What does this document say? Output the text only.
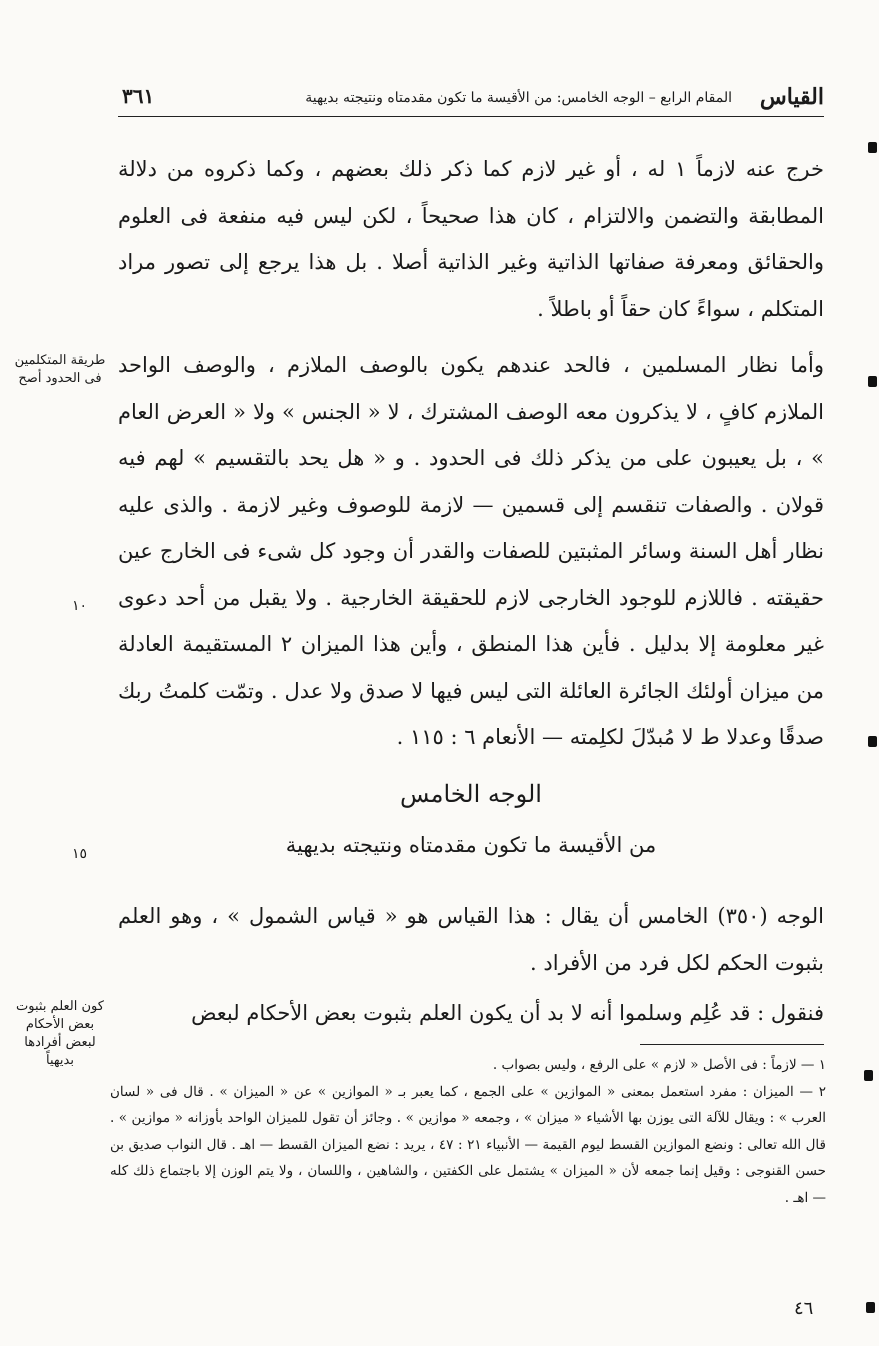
القياس
المقام الرابع – الوجه الخامس: من الأقيسة ما تكون مقدمتاه ونتيجته بديهية
٣٦١
خرج عنه لازماً ١ له ، أو غير لازم كما ذكر ذلك بعضهم ، وكما ذكروه من دلالة المطابقة والتضمن والالتزام ، كان هذا صحيحاً ، لكن ليس فيه منفعة فى العلوم والحقائق ومعرفة صفاتها الذاتية وغير الذاتية أصلا . بل هذا يرجع إلى تصور مراد المتكلم ، سواءً كان حقاً أو باطلاً .
وأما نظار المسلمين ، فالحد عندهم يكون بالوصف الملازم ، والوصف الواحد الملازم كافٍ ، لا يذكرون معه الوصف المشترك ، لا « الجنس » ولا « العرض العام » ، بل يعيبون على من يذكر ذلك فى الحدود . و « هل يحد بالتقسيم » لهم فيه قولان . والصفات تنقسم إلى قسمين — لازمة للوصوف وغير لازمة . والذى عليه نظار أهل السنة وسائر المثبتين للصفات والقدر أن وجود كل شىء فى الخارج عين حقيقته . فاللازم للوجود الخارجى لازم للحقيقة الخارجية . ولا يقبل من أحد دعوى غير معلومة إلا بدليل . فأين هذا المنطق ، وأين هذا الميزان ٢ المستقيمة العادلة من ميزان أولئك الجائرة العائلة التى ليس فيها لا صدق ولا عدل . وتمّت كلمتُ ربك صدقًا وعدلا ط لا مُبدّلَ لكلِمته — الأنعام ٦ : ١١٥ .
الوجه الخامس
من الأقيسة ما تكون مقدمتاه ونتيجته بديهية
الوجه (٣٥٠) الخامس أن يقال : هذا القياس هو « قياس الشمول » ، وهو العلم بثبوت الحكم لكل فرد من الأفراد .
فنقول : قد عُلِم وسلموا أنه لا بد أن يكون العلم بثبوت بعض الأحكام لبعض
طريقة المتكلمين فى الحدود أصح
كون العلم بثبوت بعض الأحكام لبعض أفرادها بديهياً
١٠
١٥

١ — لازماً : فى الأصل « لازم » على الرفع ، وليس بصواب .

٢ — الميزان : مفرد استعمل بمعنى « الموازين » على الجمع ، كما يعبر بـ « الموازين » عن « الميزان » . قال فى « لسان العرب » : ويقال للآلة التى يوزن بها الأشياء « ميزان » ، وجمعه « موازين » . وجائز أن تقول للميزان الواحد بأوزانه « موازين » . قال الله تعالى : ونضع الموازين القسط ليوم القيمة — الأنبياء ٢١ : ٤٧ ، يريد : نضع الميزان القسط — اهـ . قال النواب صديق بن حسن القنوجى : وقيل إنما جمعه لأن « الميزان » يشتمل على الكفتين ، والشاهين ، واللسان ، ولا يتم الوزن إلا باجتماع ذلك كله — اهـ .

٤٦
